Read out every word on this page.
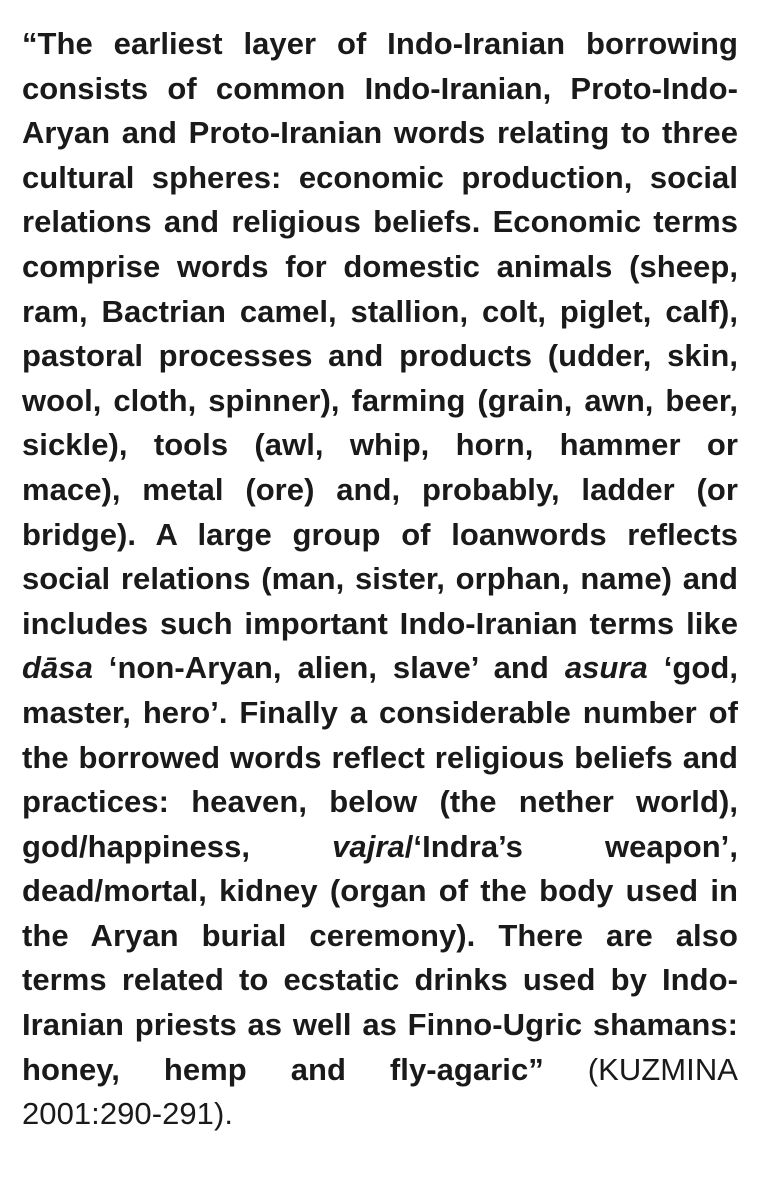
“The earliest layer of Indo-Iranian borrowing consists of common Indo-Iranian, Proto-Indo-Aryan and Proto-Iranian words relating to three cultural spheres: economic production, social relations and religious beliefs. Economic terms comprise words for domestic animals (sheep, ram, Bactrian camel, stallion, colt, piglet, calf), pastoral processes and products (udder, skin, wool, cloth, spinner), farming (grain, awn, beer, sickle), tools (awl, whip, horn, hammer or mace), metal (ore) and, probably, ladder (or bridge). A large group of loanwords reflects social relations (man, sister, orphan, name) and includes such important Indo-Iranian terms like dāsa ‘non-Aryan, alien, slave’ and asura ‘god, master, hero’. Finally a considerable number of the borrowed words reflect religious beliefs and practices: heaven, below (the nether world), god/happiness, vajra/‘Indra’s weapon’, dead/mortal, kidney (organ of the body used in the Aryan burial ceremony). There are also terms related to ecstatic drinks used by Indo-Iranian priests as well as Finno-Ugric shamans: honey, hemp and fly-agaric” (KUZMINA 2001:290-291).
